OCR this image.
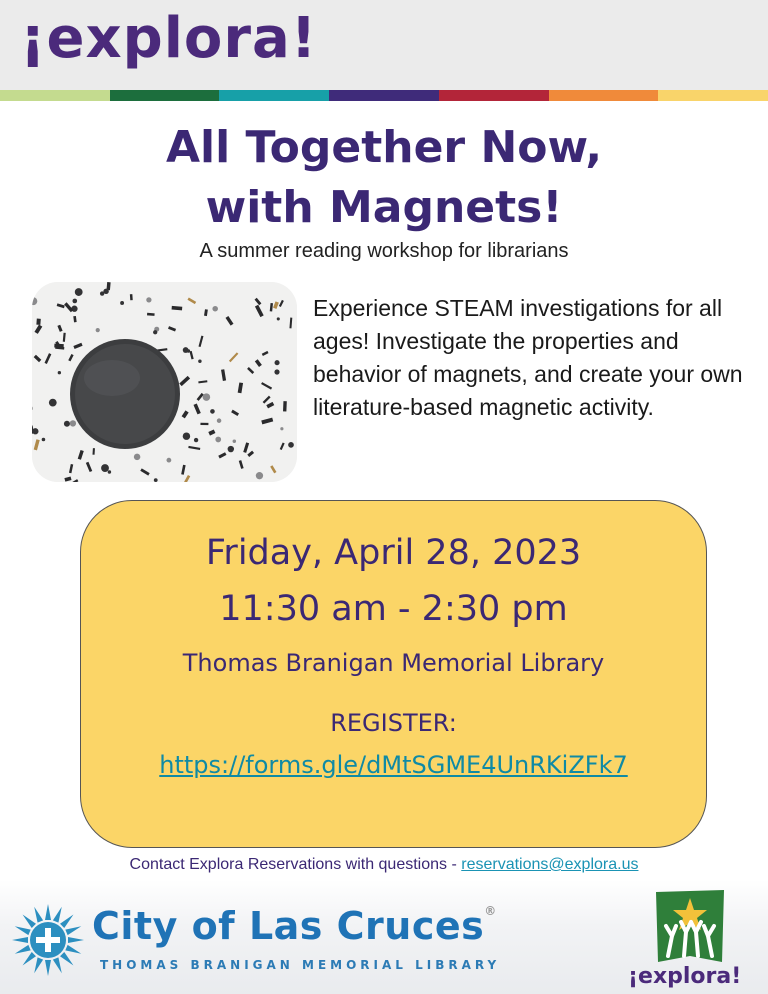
¡explora!
All Together Now,
with Magnets!
A summer reading workshop for librarians
Experience STEAM investigations for all ages! Investigate the properties and behavior of magnets, and create your own literature-based magnetic activity.
Friday, April 28, 2023
11:30 am - 2:30 pm
Thomas Branigan Memorial Library
REGISTER:
https://forms.gle/dMtSGME4UnRKiZFk7
Contact Explora Reservations with questions - reservations@explora.us
City of Las Cruces®
THOMAS BRANIGAN MEMORIAL LIBRARY	¡explora!
